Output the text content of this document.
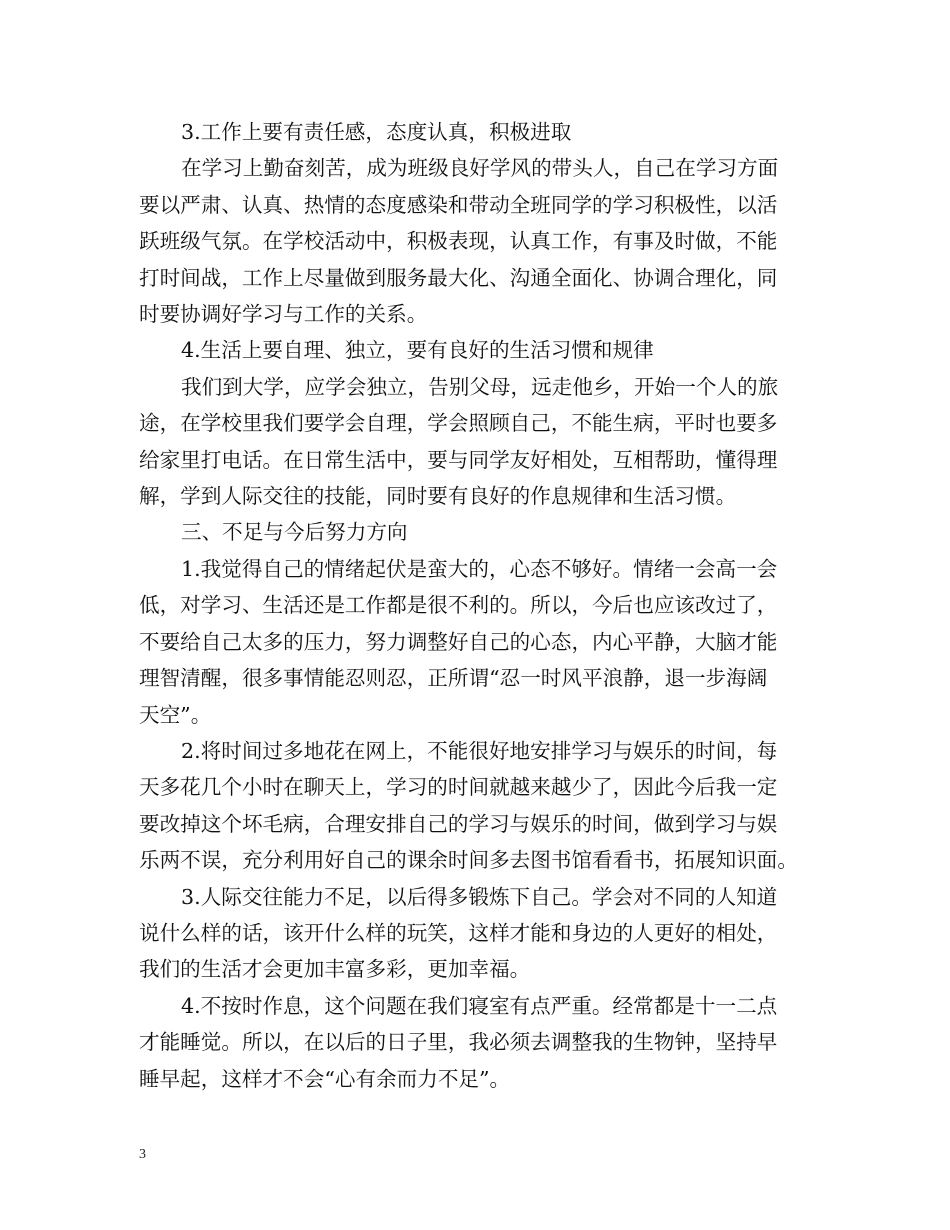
3.工作上要有责任感，态度认真，积极进取

在学习上勤奋刻苦，成为班级良好学风的带头人，自己在学习方面
要以严肃、认真、热情的态度感染和带动全班同学的学习积极性，以活
跃班级气氛。在学校活动中，积极表现，认真工作，有事及时做，不能
打时间战，工作上尽量做到服务最大化、沟通全面化、协调合理化，同
时要协调好学习与工作的关系。

4.生活上要自理、独立，要有良好的生活习惯和规律

我们到大学，应学会独立，告别父母，远走他乡，开始一个人的旅
途，在学校里我们要学会自理，学会照顾自己，不能生病，平时也要多
给家里打电话。在日常生活中，要与同学友好相处，互相帮助，懂得理
解，学到人际交往的技能，同时要有良好的作息规律和生活习惯。

三、不足与今后努力方向

1.我觉得自己的情绪起伏是蛮大的，心态不够好。情绪一会高一会
低，对学习、生活还是工作都是很不利的。所以，今后也应该改过了，
不要给自己太多的压力，努力调整好自己的心态，内心平静，大脑才能
理智清醒，很多事情能忍则忍，正所谓“忍一时风平浪静，退一步海阔
天空”。

2.将时间过多地花在网上，不能很好地安排学习与娱乐的时间，每
天多花几个小时在聊天上，学习的时间就越来越少了，因此今后我一定
要改掉这个坏毛病，合理安排自己的学习与娱乐的时间，做到学习与娱
乐两不误，充分利用好自己的课余时间多去图书馆看看书，拓展知识面。

3.人际交往能力不足，以后得多锻炼下自己。学会对不同的人知道
说什么样的话，该开什么样的玩笑，这样才能和身边的人更好的相处，
我们的生活才会更加丰富多彩，更加幸福。

4.不按时作息，这个问题在我们寝室有点严重。经常都是十一二点
才能睡觉。所以，在以后的日子里，我必须去调整我的生物钟，坚持早
睡早起，这样才不会“心有余而力不足”。

3
